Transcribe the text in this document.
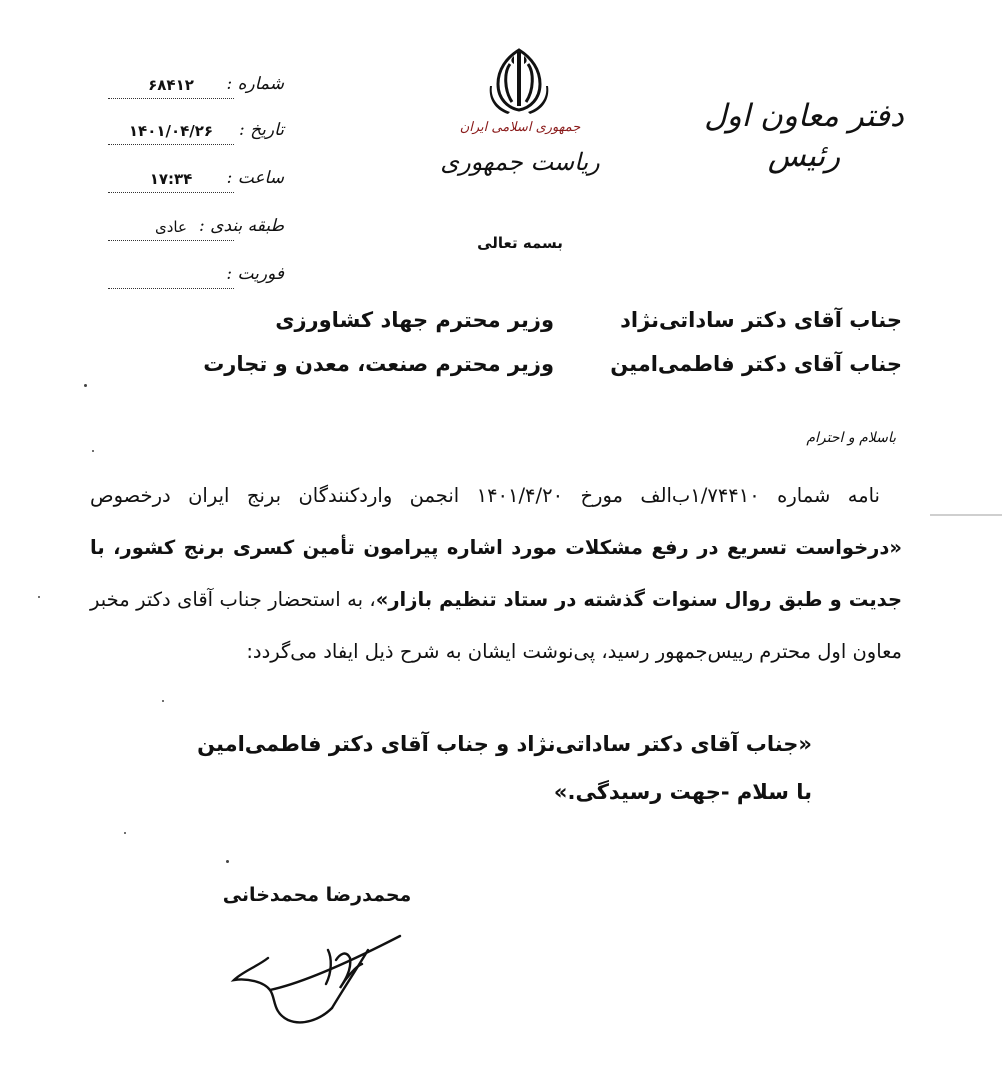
دفتر معاون اول
رئیس
جمهوری اسلامی ایران
ریاست جمهوری
شماره :
۶۸۴۱۲
تاریخ :
۱۴۰۱/۰۴/۲۶
ساعت :
۱۷:۳۴
طبقه بندی :
عادی
فوریت :
بسمه تعالی
جناب آقای دکتر ساداتی‌نژاد
وزیر محترم جهاد کشاورزی
جناب آقای دکتر فاطمی‌امین
وزیر محترم صنعت، معدن و تجارت
باسلام و احترام
نامه شماره ۱/۷۴۴۱۰‌ب‌الف مورخ ۱۴۰۱/۴/۲۰ انجمن واردکنندگان برنج ایران درخصوص «درخواست تسریع در رفع مشکلات مورد اشاره پیرامون تأمین کسری برنج کشور، با جدیت و طبق روال سنوات گذشته در ستاد تنظیم بازار»، به استحضار جناب آقای دکتر مخبر معاون اول محترم رییس‌جمهور رسید، پی‌نوشت ایشان به شرح ذیل ایفاد می‌گردد:
«جناب آقای دکتر ساداتی‌نژاد و جناب آقای دکتر فاطمی‌امین
با سلام -جهت رسیدگی.»
محمدرضا محمدخانی
